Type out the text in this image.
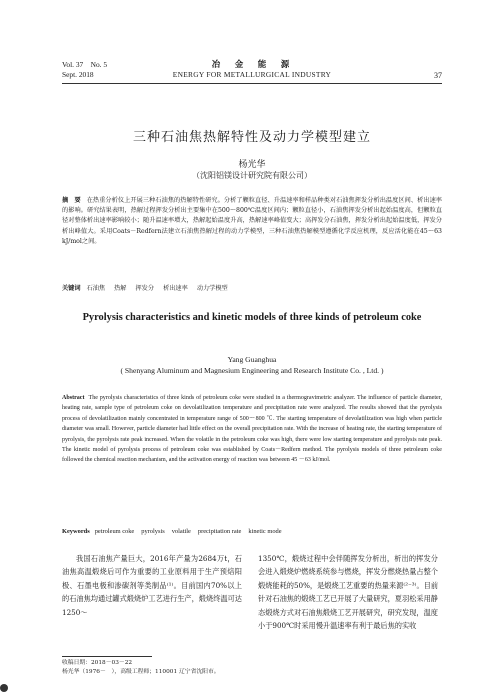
Vol. 37　No. 5
Sept. 2018
冶　金　能　源
ENERGY FOR METALLURGICAL INDUSTRY	37
三种石油焦热解特性及动力学模型建立
杨光华
（沈阳铝镁设计研究院有限公司）
摘　要 在热重分析仪上开展三种石油焦的热解特性研究。分析了颗粒直径、升温速率和样品种类对石油焦挥发分析出温度区间、析出速率的影响。研究结果表明，热解过程挥发分析出主要集中在500～800℃温度区间内；颗粒直径小，石油焦挥发分析出起始温度高，但颗粒直径对整体析出速率影响较小；随升温速率增大，热解起始温度升高，热解速率峰值变大；高挥发分石油焦，挥发分析出起始温度低，挥发分析出峰值大。采用Coats－Redfern法建立石油焦热解过程的动力学模型，三种石油焦热解模型遵循化学反应机理，反应活化能在45～63 kJ/mol之间。
关键词 石油焦 热解 挥发分 析出速率 动力学模型
Pyrolysis characteristics and kinetic models of three kinds of petroleum coke
Yang Guanghua
( Shenyang Aluminum and Magnesium Engineering and Research Institute Co. , Ltd. )
Abstract The pyrolysis characteristics of three kinds of petroleum coke were studied in a thermogravimetric analyzer. The influence of particle diameter, heating rate, sample type of petroleum coke on devolatilization temperature and precipitation rate were analyzed. The results showed that the pyrolysis process of devolatilization mainly concentrated in temperature range of 500～800 ℃. The starting temperature of devolatilization was high when particle diameter was small. However, particle diameter had little effect on the overall precipitation rate. With the increase of heating rate, the starting temperature of pyrolysis, the pyrolysis rate peak increased. When the volatile in the petroleum coke was high, there were low starting temperature and pyrolysis rate peak. The kinetic model of pyrolysis process of petroleum coke was established by Coats－Redfern method. The pyrolysis models of three petroleum coke followed the chemical reaction mechanism, and the activation energy of reaction was between 45 －63 kJ/mol.
Keywords petroleum coke pyrolysis volatile precipitation rate kinetic mode
我国石油焦产量巨大，2016年产量为2684万t，石油焦高温煅烧后可作为重要的工业原料用于生产预焙阳极、石墨电极和渗碳剂等类制品⁽¹⁾。目前国内70%以上的石油焦均通过罐式煅烧炉工艺进行生产，煅烧终温可达1250～
1350℃，煅烧过程中会伴随挥发分析出，析出的挥发分会进入煅烧炉燃烧系统参与燃烧，挥发分燃烧热量占整个煅烧能耗的50%，是煅烧工艺重要的热量来源⁽²⁻³⁾。目前针对石油焦的煅烧工艺已开展了大量研究，夏羽松采用静态煅烧方式对石油焦煅烧工艺开展研究，研究发现，温度小于900℃时采用慢升温速率有利于最后焦的实收
收稿日期：2018－03－22
杨光华（1976－　），高级工程师；110001 辽宁省沈阳市。
